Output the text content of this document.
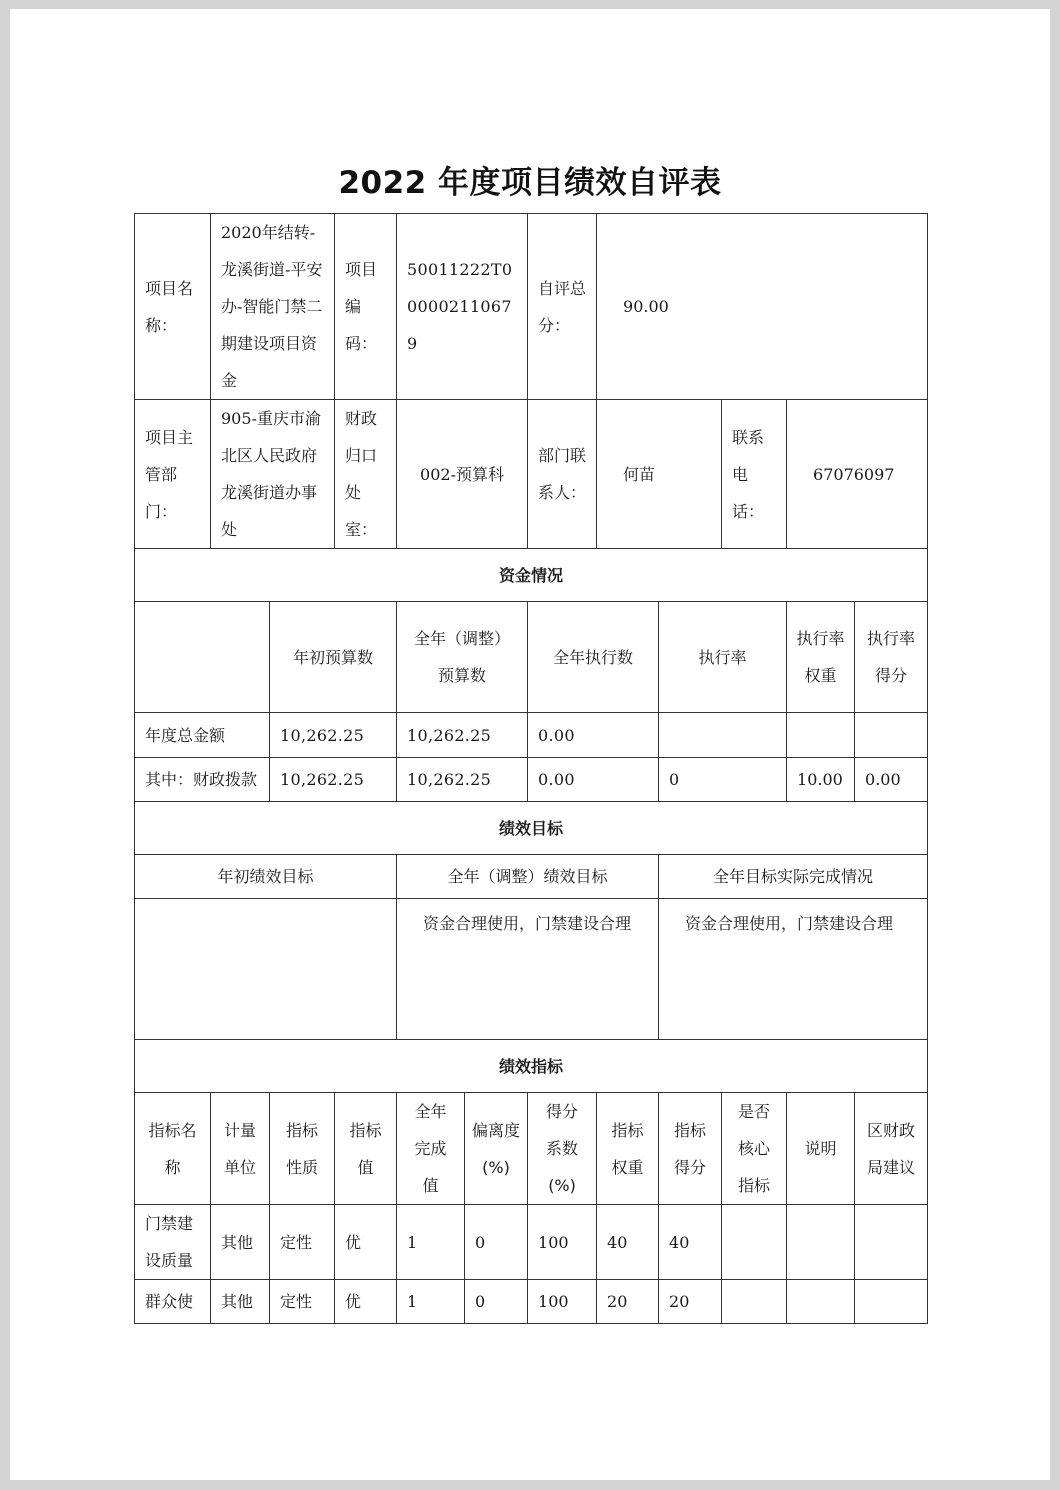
2022 年度项目绩效自评表
项目名称：	2020年结转-龙溪街道-平安办-智能门禁二期建设项目资金		项目编码：	50011222T000002110679		自评总分：	90.00				
项目主管部门：	905-重庆市渝北区人民政府龙溪街道办事处		财政归口处室：	002-预算科		部门联系人：	何苗		联系电话：	67076097	
资金情况											
		年初预算数		全年（调整）预算数		全年执行数		执行率		执行率权重	执行率得分
年度总金额		10,262.25		10,262.25		0.00					
其中：财政拨款		10,262.25		10,262.25		0.00		0		10.00	0.00
绩效目标											
年初绩效目标				全年（调整）绩效目标				全年目标实际完成情况			
				资金合理使用，门禁建设合理				资金合理使用，门禁建设合理			
绩效指标											
指标名称	计量单位	指标性质	指标值	全年完成值	偏离度(%)	得分系数(%)	指标权重	指标得分	是否核心指标	说明	区财政局建议
门禁建设质量	其他	定性	优	1	0	100	40	40			
群众使	其他	定性	优	1	0	100	20	20			
